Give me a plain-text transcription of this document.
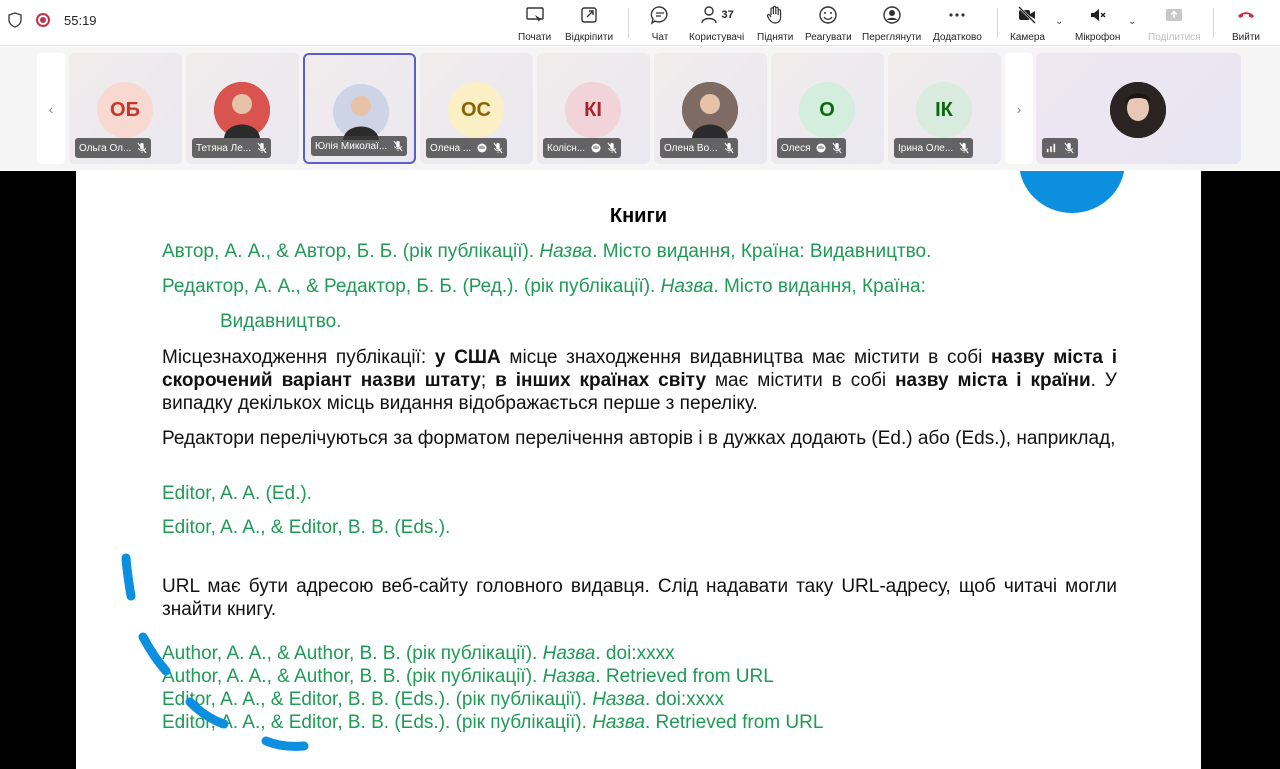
55:19
Почати Відкріпити	Чат
37
Користувачі Підняти Реагувати Переглянути Додатково	Камера
⌄
Мікрофон
⌄
Поділитися	Вийти
‹	ОБ
Ольга Ол...	Тетяна Ле...	Юлія Миколаї...
ОС
Олена ...
КІ
Колісн...	Олена Во...
О
Олеся
ІК
Ірина Оле...
›
Книги
Автор, А. А., & Автор, Б. Б. (рік публікації). Назва. Місто видання, Країна: Видавництво.
Редактор, А. А., & Редактор, Б. Б. (Ред.). (рік публікації). Назва. Місто видання, Країна:
Видавництво.
Місцезнаходження публікації: у США місце знаходження видавництва має містити в собі назву міста і скорочений варіант назви штату; в інших країнах світу має містити в собі назву міста і країни. У випадку декількох місць видання відображається перше з переліку.
Редактори перелічуються за форматом перелічення авторів і в дужках додають (Ed.) або (Eds.), наприклад,
Editor, A. A. (Ed.).
Editor, A. A., & Editor, B. B. (Eds.).
URL має бути адресою веб-сайту головного видавця. Слід надавати таку URL-адресу, щоб читачі могли знайти книгу.
Author, A. A., & Author, B. B. (рік публікації). Назва. doi:xxxx
Author, A. A., & Author, B. B. (рік публікації). Назва. Retrieved from URL
Editor, A. A., & Editor, B. B. (Eds.). (рік публікації). Назва. doi:xxxx
Editor, A. A., & Editor, B. B. (Eds.). (рік публікації). Назва. Retrieved from URL
